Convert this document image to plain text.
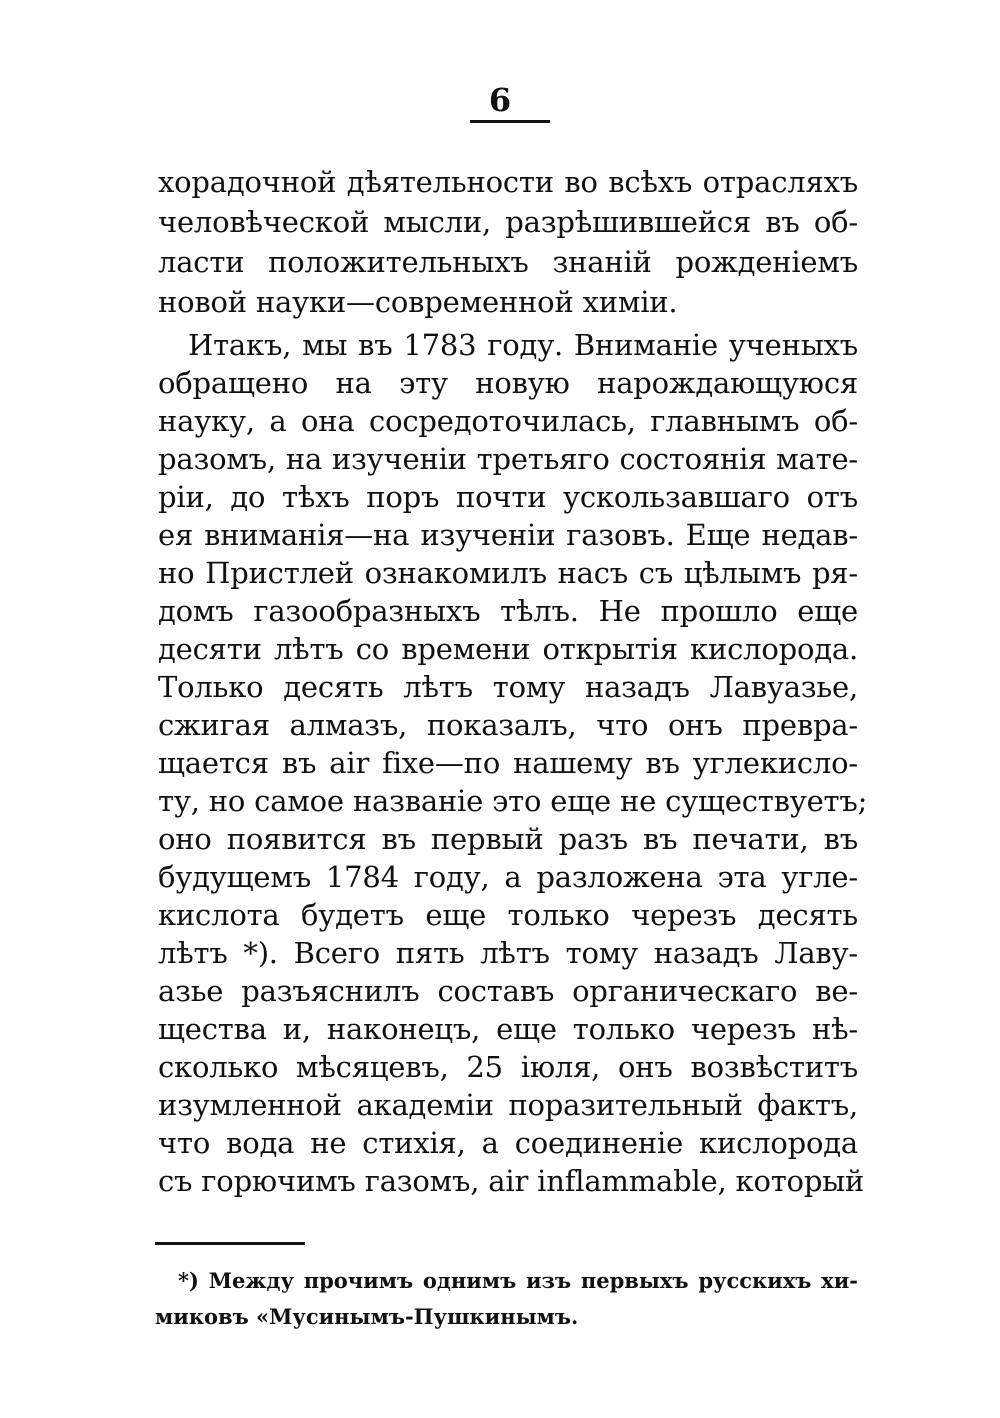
6
хорадочной дѣятельности во всѣхъ отрасляхъ
человѣческой мысли, разрѣшившейся въ об-
ласти положительныхъ знаній рожденіемъ
новой науки—современной химіи.
Итакъ, мы въ 1783 году. Вниманіе ученыхъ
обращено на эту новую нарождающуюся
науку, а она сосредоточилась, главнымъ об-
разомъ, на изученіи третьяго состоянія мате-
ріи, до тѣхъ поръ почти ускользавшаго отъ
ея вниманія—на изученіи газовъ. Еще недав-
но Пристлей ознакомилъ насъ съ цѣлымъ ря-
домъ газообразныхъ тѣлъ. Не прошло еще
десяти лѣтъ со времени открытія кислорода.
Только десять лѣтъ тому назадъ Лавуазье,
сжигая алмазъ, показалъ, что онъ превра-
щается въ air fixe—по нашему въ углекисло-
ту, но самое названіе это еще не существуетъ;
оно появится въ первый разъ въ печати, въ
будущемъ 1784 году, а разложена эта угле-
кислота будетъ еще только черезъ десять
лѣтъ *). Всего пять лѣтъ тому назадъ Лаву-
азье разъяснилъ составъ органическаго ве-
щества и, наконецъ, еще только черезъ нѣ-
сколько мѣсяцевъ, 25 іюля, онъ возвѣститъ
изумленной академіи поразительный фактъ,
что вода не стихія, а соединеніе кислорода
съ горючимъ газомъ, air inflammable, который
*) Между прочимъ однимъ изъ первыхъ русскихъ хи-
миковъ «Мусинымъ-Пушкинымъ.
